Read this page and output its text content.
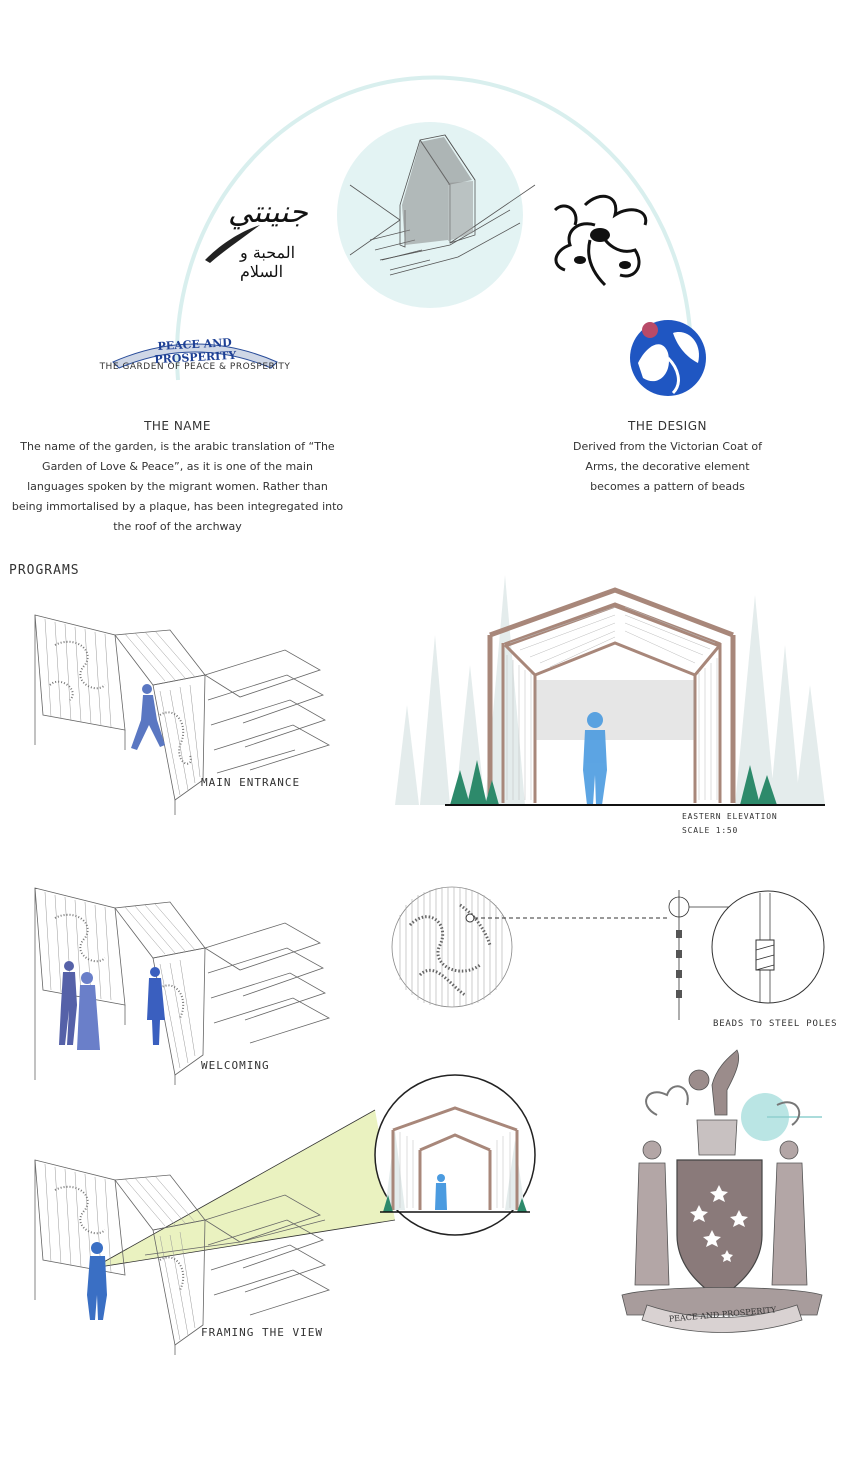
جنينتي
المحبة و السلام
PEACE AND PROSPERITY
THE GARDEN OF PEACE & PROSPERITY
THE NAME
The name of the garden, is the arabic translation of “The
Garden of Love & Peace”, as it is one of the main
languages spoken by the migrant women. Rather than
being immortalised by a plaque, has been integregated into
the roof of the archway
THE DESIGN
Derived from the Victorian Coat of
Arms, the decorative element
becomes a pattern of beads
PROGRAMS
MAIN ENTRANCE
EASTERN ELEVATION
SCALE 1:50
WELCOMING
BEADS TO STEEL POLES
FRAMING THE VIEW
PEACE AND PROSPERITY
